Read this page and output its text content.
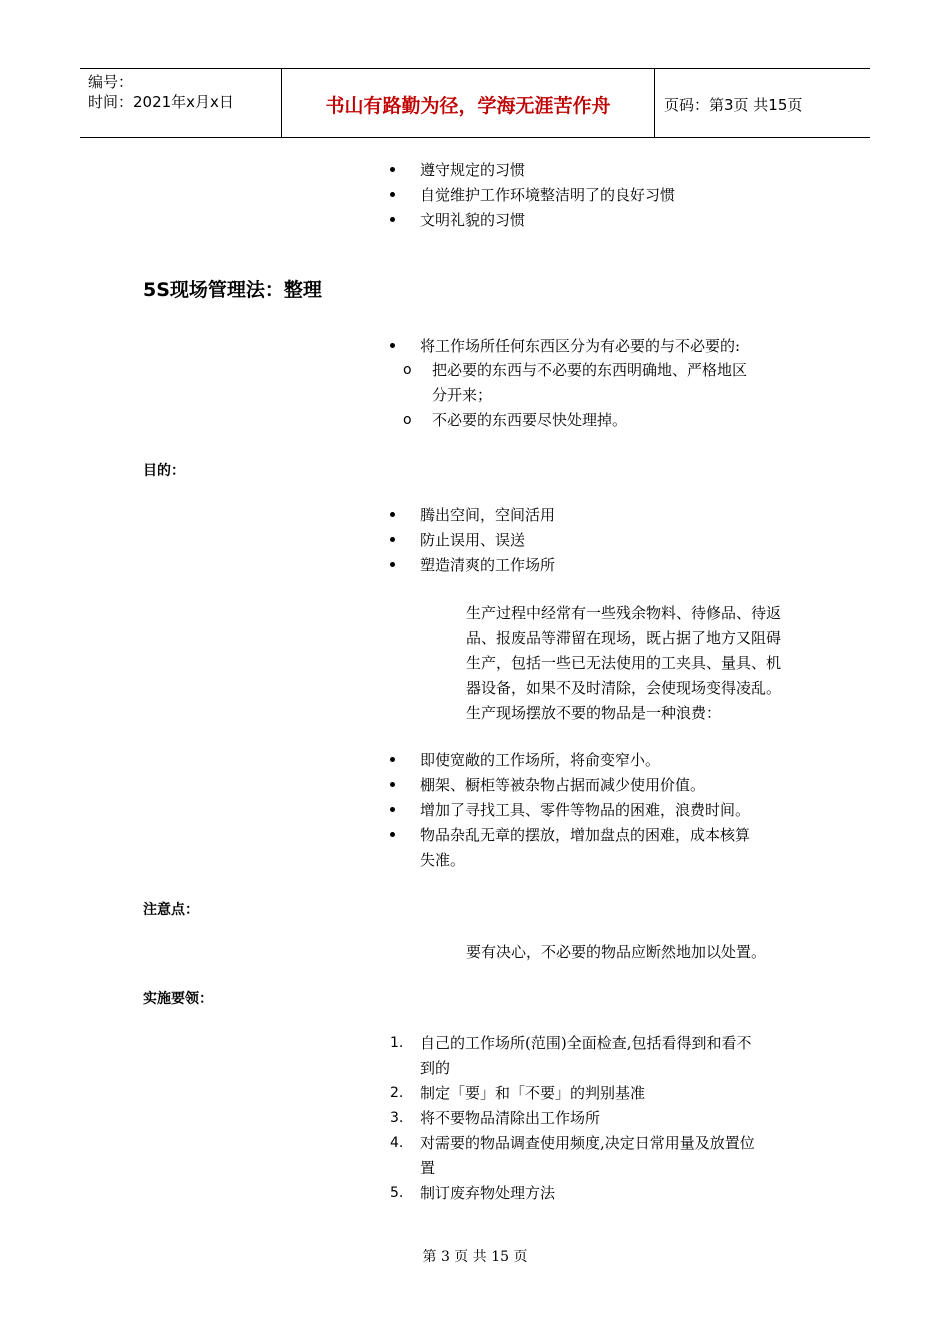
编号：
时间：2021年x月x日	书山有路勤为径，学海无涯苦作舟	页码：第3页 共15页
遵守规定的习惯
自觉维护工作环境整洁明了的良好习惯
文明礼貌的习惯
5S现场管理法：整理
将工作场所任何东西区分为有必要的与不必要的:
o 把必要的东西与不必要的东西明确地、严格地区
分开来；
o 不必要的东西要尽快处理掉。
目的：
腾出空间，空间活用
防止误用、误送
塑造清爽的工作场所
生产过程中经常有一些残余物料、待修品、待返
品、报废品等滞留在现场，既占据了地方又阻碍
生产，包括一些已无法使用的工夹具、量具、机
器设备，如果不及时清除，会使现场变得凌乱。
生产现场摆放不要的物品是一种浪费：
即使宽敞的工作场所，将俞变窄小。
棚架、橱柜等被杂物占据而减少使用价值。
增加了寻找工具、零件等物品的困难，浪费时间。
物品杂乱无章的摆放，增加盘点的困难，成本核算
失准。
注意点：
要有决心，不必要的物品应断然地加以处置。
实施要领：
1. 自己的工作场所(范围)全面检查,包括看得到和看不
到的
2. 制定「要」和「不要」的判别基准
3. 将不要物品清除出工作场所
4. 对需要的物品调查使用频度,决定日常用量及放置位
置
5. 制订废弃物处理方法
第 3 页 共 15 页
